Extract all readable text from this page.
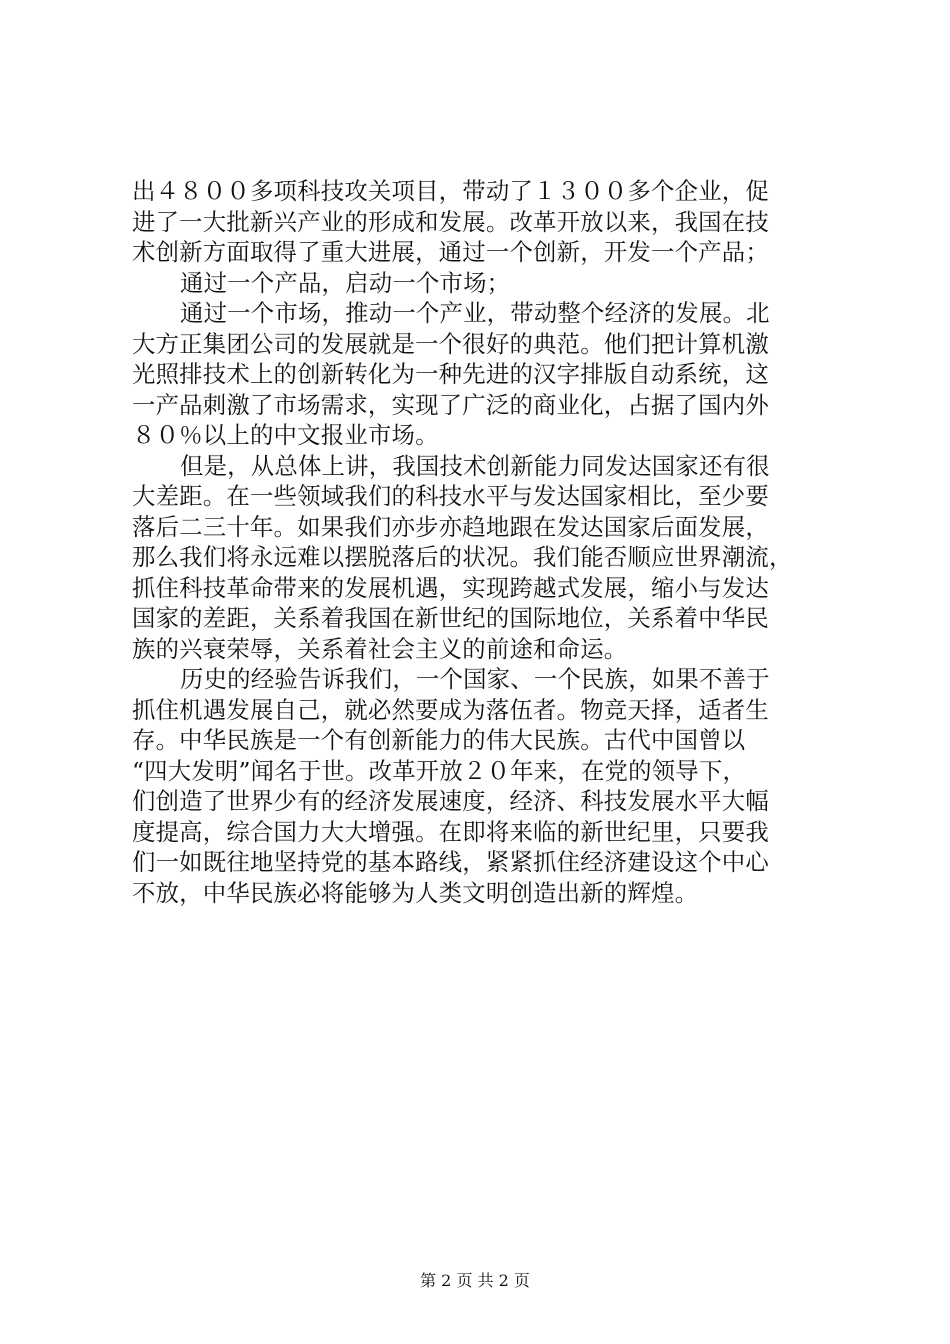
出４８００多项科技攻关项目，带动了１３００多个企业，促
进了一大批新兴产业的形成和发展。改革开放以来，我国在技
术创新方面取得了重大进展，通过一个创新，开发一个产品；
通过一个产品，启动一个市场；
通过一个市场，推动一个产业，带动整个经济的发展。北
大方正集团公司的发展就是一个很好的典范。他们把计算机激
光照排技术上的创新转化为一种先进的汉字排版自动系统，这
一产品刺激了市场需求，实现了广泛的商业化，占据了国内外
８０％以上的中文报业市场。
但是，从总体上讲，我国技术创新能力同发达国家还有很
大差距。在一些领域我们的科技水平与发达国家相比，至少要
落后二三十年。如果我们亦步亦趋地跟在发达国家后面发展，
那么我们将永远难以摆脱落后的状况。我们能否顺应世界潮流，
抓住科技革命带来的发展机遇，实现跨越式发展，缩小与发达
国家的差距，关系着我国在新世纪的国际地位，关系着中华民
族的兴衰荣辱，关系着社会主义的前途和命运。
历史的经验告诉我们，一个国家、一个民族，如果不善于
抓住机遇发展自己，就必然要成为落伍者。物竞天择，适者生
存。中华民族是一个有创新能力的伟大民族。古代中国曾以
“四大发明”闻名于世。改革开放２０年来，在党的领导下，
们创造了世界少有的经济发展速度，经济、科技发展水平大幅
度提高，综合国力大大增强。在即将来临的新世纪里，只要我
们一如既往地坚持党的基本路线，紧紧抓住经济建设这个中心
不放，中华民族必将能够为人类文明创造出新的辉煌。
第 2 页 共 2 页
